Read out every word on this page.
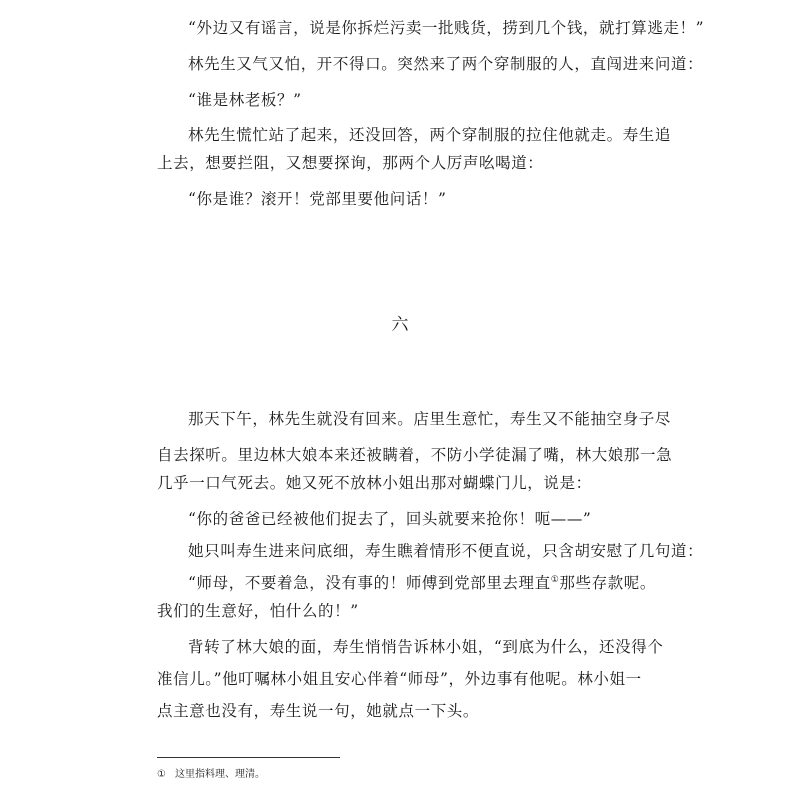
“外边又有谣言，说是你拆烂污卖一批贱货，捞到几个钱，就打算逃走！”

林先生又气又怕，开不得口。突然来了两个穿制服的人，直闯进来问道：

“谁是林老板？”

林先生慌忙站了起来，还没回答，两个穿制服的拉住他就走。寿生追

上去，想要拦阻，又想要探询，那两个人厉声吆喝道：

“你是谁？滚开！党部里要他问话！”

六

那天下午，林先生就没有回来。店里生意忙，寿生又不能抽空身子尽

自去探听。里边林大娘本来还被瞒着，不防小学徒漏了嘴，林大娘那一急

几乎一口气死去。她又死不放林小姐出那对蝴蝶门儿，说是：

“你的爸爸已经被他们捉去了，回头就要来抢你！呃——”

她只叫寿生进来问底细，寿生瞧着情形不便直说，只含胡安慰了几句道：

“师母，不要着急，没有事的！师傅到党部里去理直①那些存款呢。

我们的生意好，怕什么的！”

背转了林大娘的面，寿生悄悄告诉林小姐，“到底为什么，还没得个

准信儿。”他叮嘱林小姐且安心伴着“师母”，外边事有他呢。林小姐一

点主意也没有，寿生说一句，她就点一下头。

① 这里指料理、理清。
